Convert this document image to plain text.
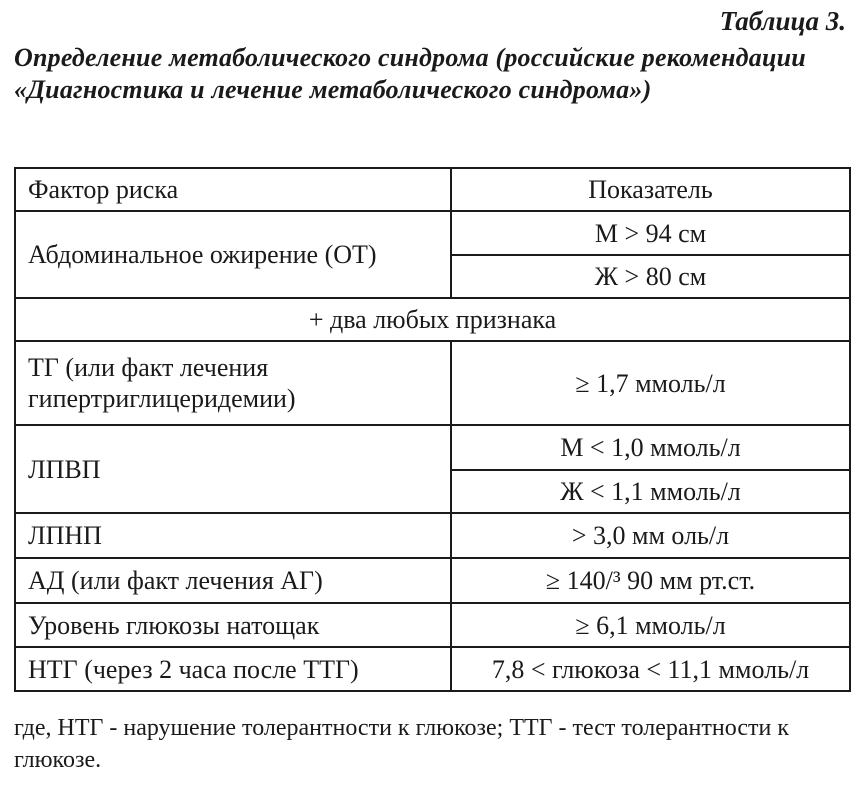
Таблица 3.
Определение метаболического синдрома (российские рекомендации «Диагностика и лечение метаболического синдрома»)
Фактор риска	Показатель
Абдоминальное ожирение (ОТ)	М > 94 см
	Ж > 80 см
+ два любых признака	
ТГ (или факт лечения гипертриглицеридемии)	≥ 1,7 ммоль/л
ЛПВП	М < 1,0 ммоль/л
	Ж < 1,1 ммоль/л
ЛПНП	> 3,0 мм оль/л
АД (или факт лечения АГ)	≥ 140/³ 90 мм рт.ст.
Уровень глюкозы натощак	≥ 6,1 ммоль/л
НТГ (через 2 часа после ТТГ)	7,8 < глюкоза < 11,1 ммоль/л
где, НТГ - нарушение толерантности к глюкозе; ТТГ - тест толерантности к глюкозе.
